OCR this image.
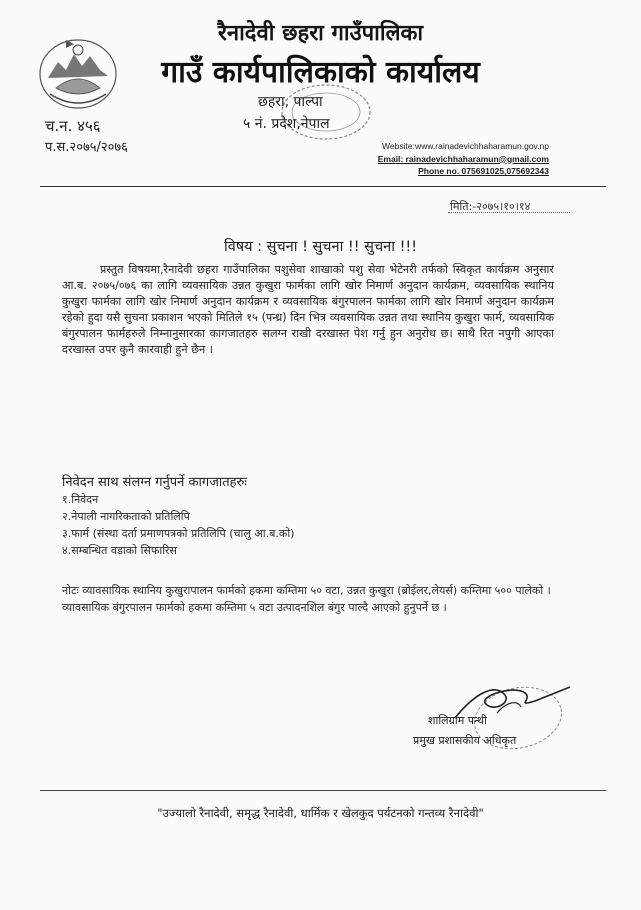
रैनादेवी छहरा गाउँपालिका
गाउँ कार्यपालिकाको कार्यालय
छहरा, पाल्पा
५ नं. प्रदेश,नेपाल
च.न. ४५६
प.स.२०७५/२०७६	Website:www.rainadevichhaharamun.gov.np
Email: rainadevichhaharamun@gmail.com
Phone no. 075691025,075692343
मिति:-२०७५।१०।१४
विषय : सुचना ! सुचना !! सुचना !!!
प्रस्तुत विषयमा,रैनादेवी छहरा गाउँपालिका पशुसेवा शाखाको पशु सेवा भेटेनरी तर्फको स्विकृत कार्यक्रम अनुसार आ.ब. २०७५/०७६ का लागि व्यवसायिक उन्नत कुखुरा फार्मका लागि खोर निमार्ण अनुदान कार्यक्रम, व्यवसायिक स्थानिय कुखुरा फार्मका लागि खोर निमार्ण अनुदान कार्यक्रम र व्यवसायिक बंगुरपालन फार्मका लागि खोर निमार्ण अनुदान कार्यक्रम रहेको हुदा यसै सुचना प्रकाशन भएको मितिले १५ (पन्ध्र) दिन भित्र व्यवसायिक उन्नत तथा स्थानिय कुखुरा फार्म, व्यवसायिक बंगुरपालन फार्महरुले निम्नानुसारका कागजातहरु सलग्न राखी दरखास्त पेश गर्नु हुन अनुरोध छ। साथै रित नपुगी आएका दरखास्त उपर कुनै कारवाही हुने छैन ।
निवेदन साथ संलग्न गर्नुपर्ने कागजातहरुः
१.निवेदन
२.नेपाली नागरिकताको प्रतिलिपि
३.फार्म (संस्था दर्ता प्रमाणपत्रको प्रतिलिपि (चालु आ.ब.को)
४.सम्बन्धित वडाको सिफारिस
नोटः व्यावसायिक स्थानिय कुखुरापालन फार्मको हकमा कम्तिमा ५० वटा, उन्नत कुखुरा (ब्रोईलर,लेयर्स) कम्तिमा ५०० पालेको ।
व्यावसायिक बंगुरपालन फार्मको हकमा कम्तिमा ५ वटा उत्पादनशिल बंगुर पाल्दै आएको हुनुपर्ने छ ।
शालिग्राम पन्थी
प्रमुख प्रशासकीय अधिकृत
"उज्यालो रैनादेवी, समृद्ध रैनादेवी, धार्मिक र खेलकुद पर्यटनको गन्तव्य रैनादेवी"
